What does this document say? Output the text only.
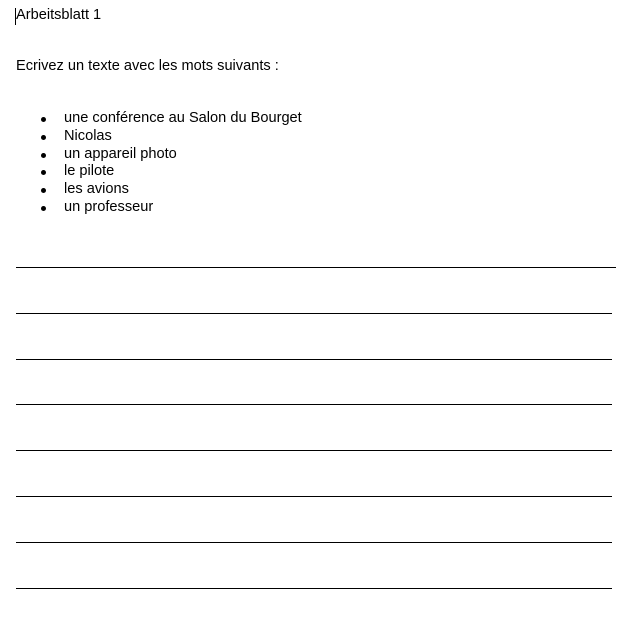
Arbeitsblatt 1
Ecrivez un texte avec les mots suivants :
une conférence au Salon du Bourget
Nicolas
un appareil photo
le pilote
les avions
un professeur
